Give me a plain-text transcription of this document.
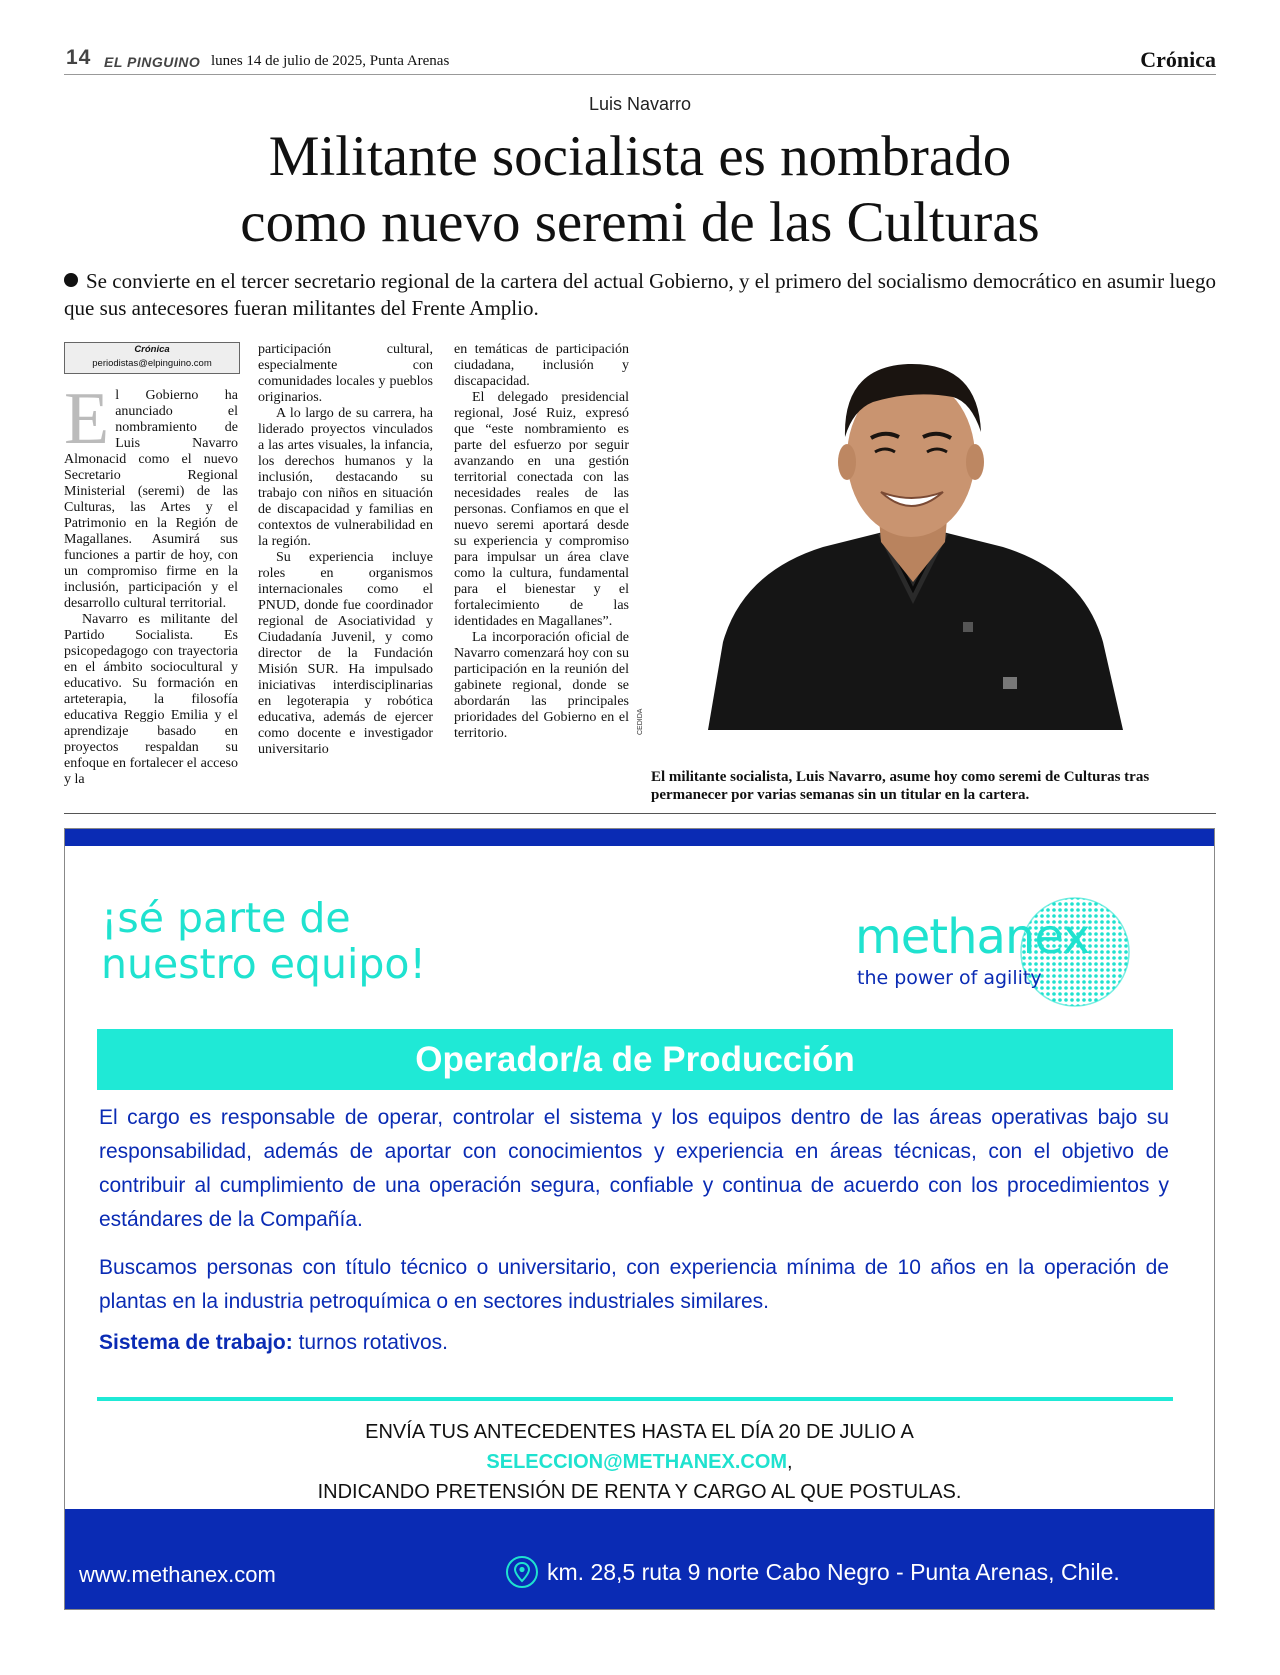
14 EL PINGUINO lunes 14 de julio de 2025, Punta Arenas	Crónica
Luis Navarro
Militante socialista es nombrado
como nuevo seremi de las Culturas

Se convierte en el tercer secretario regional de la cartera del actual Gobierno, y el primero del socialismo democrático en asumir luego que sus antecesores fueran militantes del Frente Amplio.

Crónica
periodistas@elpinguino.com

El Gobierno ha anunciado el nombramiento de Luis Navarro Almonacid como el nuevo Secretario Regional Ministerial (seremi) de las Culturas, las Artes y el Patrimonio en la Región de Magallanes. Asumirá sus funciones a partir de hoy, con un compromiso firme en la inclusión, participación y el desarrollo cultural territorial.

Navarro es militante del Partido Socialista. Es psicopedagogo con trayectoria en el ámbito sociocultural y educativo. Su formación en arteterapia, la filosofía educativa Reggio Emilia y el aprendizaje basado en proyectos respaldan su enfoque en fortalecer el acceso y la

participación cultural, especialmente con comunidades locales y pueblos originarios.

A lo largo de su carrera, ha liderado proyectos vinculados a las artes visuales, la infancia, los derechos humanos y la inclusión, destacando su trabajo con niños en situación de discapacidad y familias en contextos de vulnerabilidad en la región.

Su experiencia incluye roles en organismos internacionales como el PNUD, donde fue coordinador regional de Asociatividad y Ciudadanía Juvenil, y como director de la Fundación Misión SUR. Ha impulsado iniciativas interdisciplinarias en legoterapia y robótica educativa, además de ejercer como docente e investigador universitario

en temáticas de participación ciudadana, inclusión y discapacidad.

El delegado presidencial regional, José Ruiz, expresó que “este nombramiento es parte del esfuerzo por seguir avanzando en una gestión territorial conectada con las necesidades reales de las personas. Confiamos en que el nuevo seremi aportará desde su experiencia y compromiso para impulsar un área clave como la cultura, fundamental para el bienestar y el fortalecimiento de las identidades en Magallanes”.

La incorporación oficial de Navarro comenzará hoy con su participación en la reunión del gabinete regional, donde se abordarán las principales prioridades del Gobierno en el territorio.	CEDIDA

El militante socialista, Luis Navarro, asume hoy como seremi de Culturas tras permanecer por varias semanas sin un titular en la cartera.

¡sé parte de
nuestro equipo!	methanex
the power of agility
Operador/a de Producción

El cargo es responsable de operar, controlar el sistema y los equipos dentro de las áreas operativas bajo su responsabilidad, además de aportar con conocimientos y experiencia en áreas técnicas, con el objetivo de contribuir al cumplimiento de una operación segura, confiable y continua de acuerdo con los procedimientos y estándares de la Compañía.

Buscamos personas con título técnico o universitario, con experiencia mínima de 10 años en la operación de plantas en la industria petroquímica o en sectores industriales similares.

Sistema de trabajo: turnos rotativos.

ENVÍA TUS ANTECEDENTES HASTA EL DÍA 20 DE JULIO A
SELECCION@METHANEX.COM,
INDICANDO PRETENSIÓN DE RENTA Y CARGO AL QUE POSTULAS.
www.methanex.com	km. 28,5 ruta 9 norte Cabo Negro - Punta Arenas, Chile.
